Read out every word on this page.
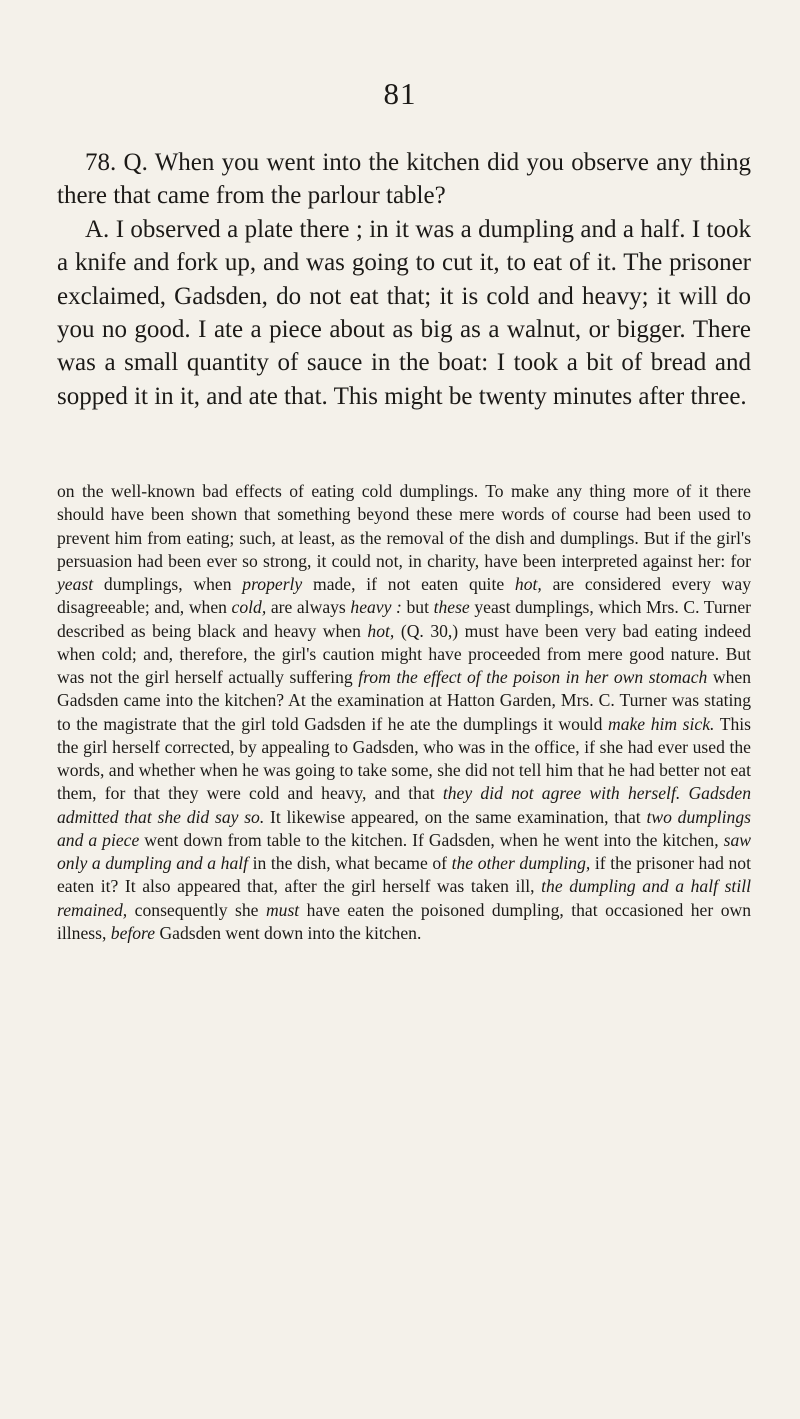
81

78. Q. When you went into the kitchen did you observe any thing there that came from the parlour table?

A. I observed a plate there ; in it was a dumpling and a half. I took a knife and fork up, and was going to cut it, to eat of it. The prisoner exclaimed, Gadsden, do not eat that; it is cold and heavy; it will do you no good. I ate a piece about as big as a walnut, or bigger. There was a small quantity of sauce in the boat: I took a bit of bread and sopped it in it, and ate that. This might be twenty minutes after three.

on the well-known bad effects of eating cold dumplings. To make any thing more of it there should have been shown that something beyond these mere words of course had been used to prevent him from eating; such, at least, as the removal of the dish and dumplings. But if the girl's persuasion had been ever so strong, it could not, in charity, have been interpreted against her: for yeast dumplings, when properly made, if not eaten quite hot, are considered every way disagreeable; and, when cold, are always heavy : but these yeast dumplings, which Mrs. C. Turner described as being black and heavy when hot, (Q. 30,) must have been very bad eating indeed when cold; and, therefore, the girl's caution might have proceeded from mere good nature. But was not the girl herself actually suffering from the effect of the poison in her own stomach when Gadsden came into the kitchen? At the examination at Hatton Garden, Mrs. C. Turner was stating to the magistrate that the girl told Gadsden if he ate the dumplings it would make him sick. This the girl herself corrected, by appealing to Gadsden, who was in the office, if she had ever used the words, and whether when he was going to take some, she did not tell him that he had better not eat them, for that they were cold and heavy, and that they did not agree with herself. Gadsden admitted that she did say so. It likewise appeared, on the same examination, that two dumplings and a piece went down from table to the kitchen. If Gadsden, when he went into the kitchen, saw only a dumpling and a half in the dish, what became of the other dumpling, if the prisoner had not eaten it? It also appeared that, after the girl herself was taken ill, the dumpling and a half still remained, consequently she must have eaten the poisoned dumpling, that occasioned her own illness, before Gadsden went down into the kitchen.
